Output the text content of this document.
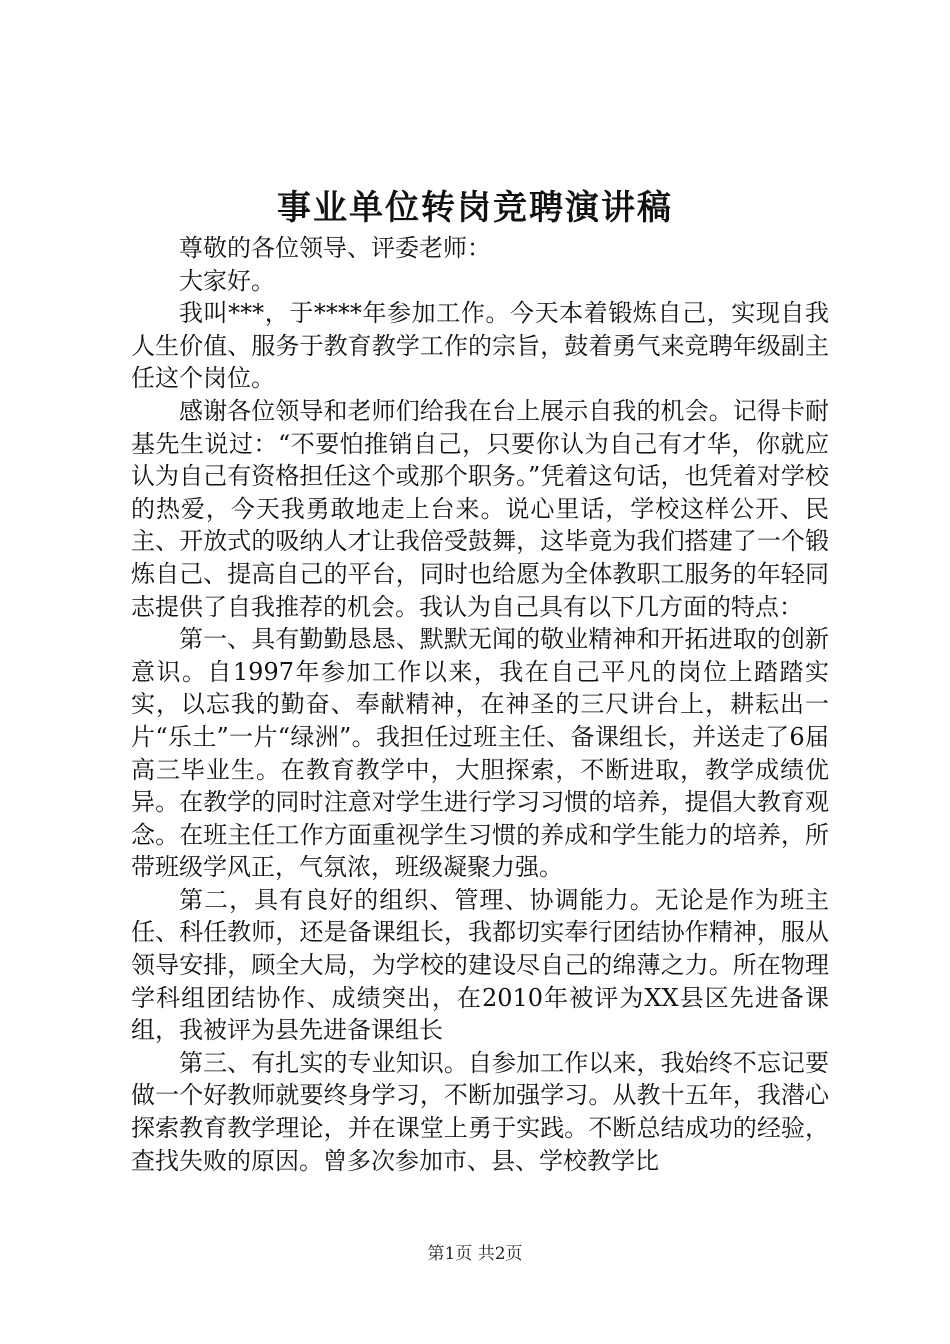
事业单位转岗竞聘演讲稿

尊敬的各位领导、评委老师：

大家好。

我叫***，于****年参加工作。今天本着锻炼自己，实现自我人生价值、服务于教育教学工作的宗旨，鼓着勇气来竞聘年级副主任这个岗位。

感谢各位领导和老师们给我在台上展示自我的机会。记得卡耐基先生说过：“不要怕推销自己，只要你认为自己有才华，你就应认为自己有资格担任这个或那个职务。”凭着这句话，也凭着对学校的热爱，今天我勇敢地走上台来。说心里话，学校这样公开、民主、开放式的吸纳人才让我倍受鼓舞，这毕竟为我们搭建了一个锻炼自己、提高自己的平台，同时也给愿为全体教职工服务的年轻同志提供了自我推荐的机会。我认为自己具有以下几方面的特点：

第一、具有勤勤恳恳、默默无闻的敬业精神和开拓进取的创新意识。自1997年参加工作以来，我在自己平凡的岗位上踏踏实实，以忘我的勤奋、奉献精神，在神圣的三尺讲台上，耕耘出一片“乐土”一片“绿洲”。我担任过班主任、备课组长，并送走了6届高三毕业生。在教育教学中，大胆探索，不断进取，教学成绩优异。在教学的同时注意对学生进行学习习惯的培养，提倡大教育观念。在班主任工作方面重视学生习惯的养成和学生能力的培养，所带班级学风正，气氛浓，班级凝聚力强。

第二，具有良好的组织、管理、协调能力。无论是作为班主任、科任教师，还是备课组长，我都切实奉行团结协作精神，服从领导安排，顾全大局，为学校的建设尽自己的绵薄之力。所在物理学科组团结协作、成绩突出，在2010年被评为XX县区先进备课组，我被评为县先进备课组长

第三、有扎实的专业知识。自参加工作以来，我始终不忘记要做一个好教师就要终身学习，不断加强学习。从教十五年，我潜心探索教育教学理论，并在课堂上勇于实践。不断总结成功的经验，查找失败的原因。曾多次参加市、县、学校教学比

第1页 共2页
